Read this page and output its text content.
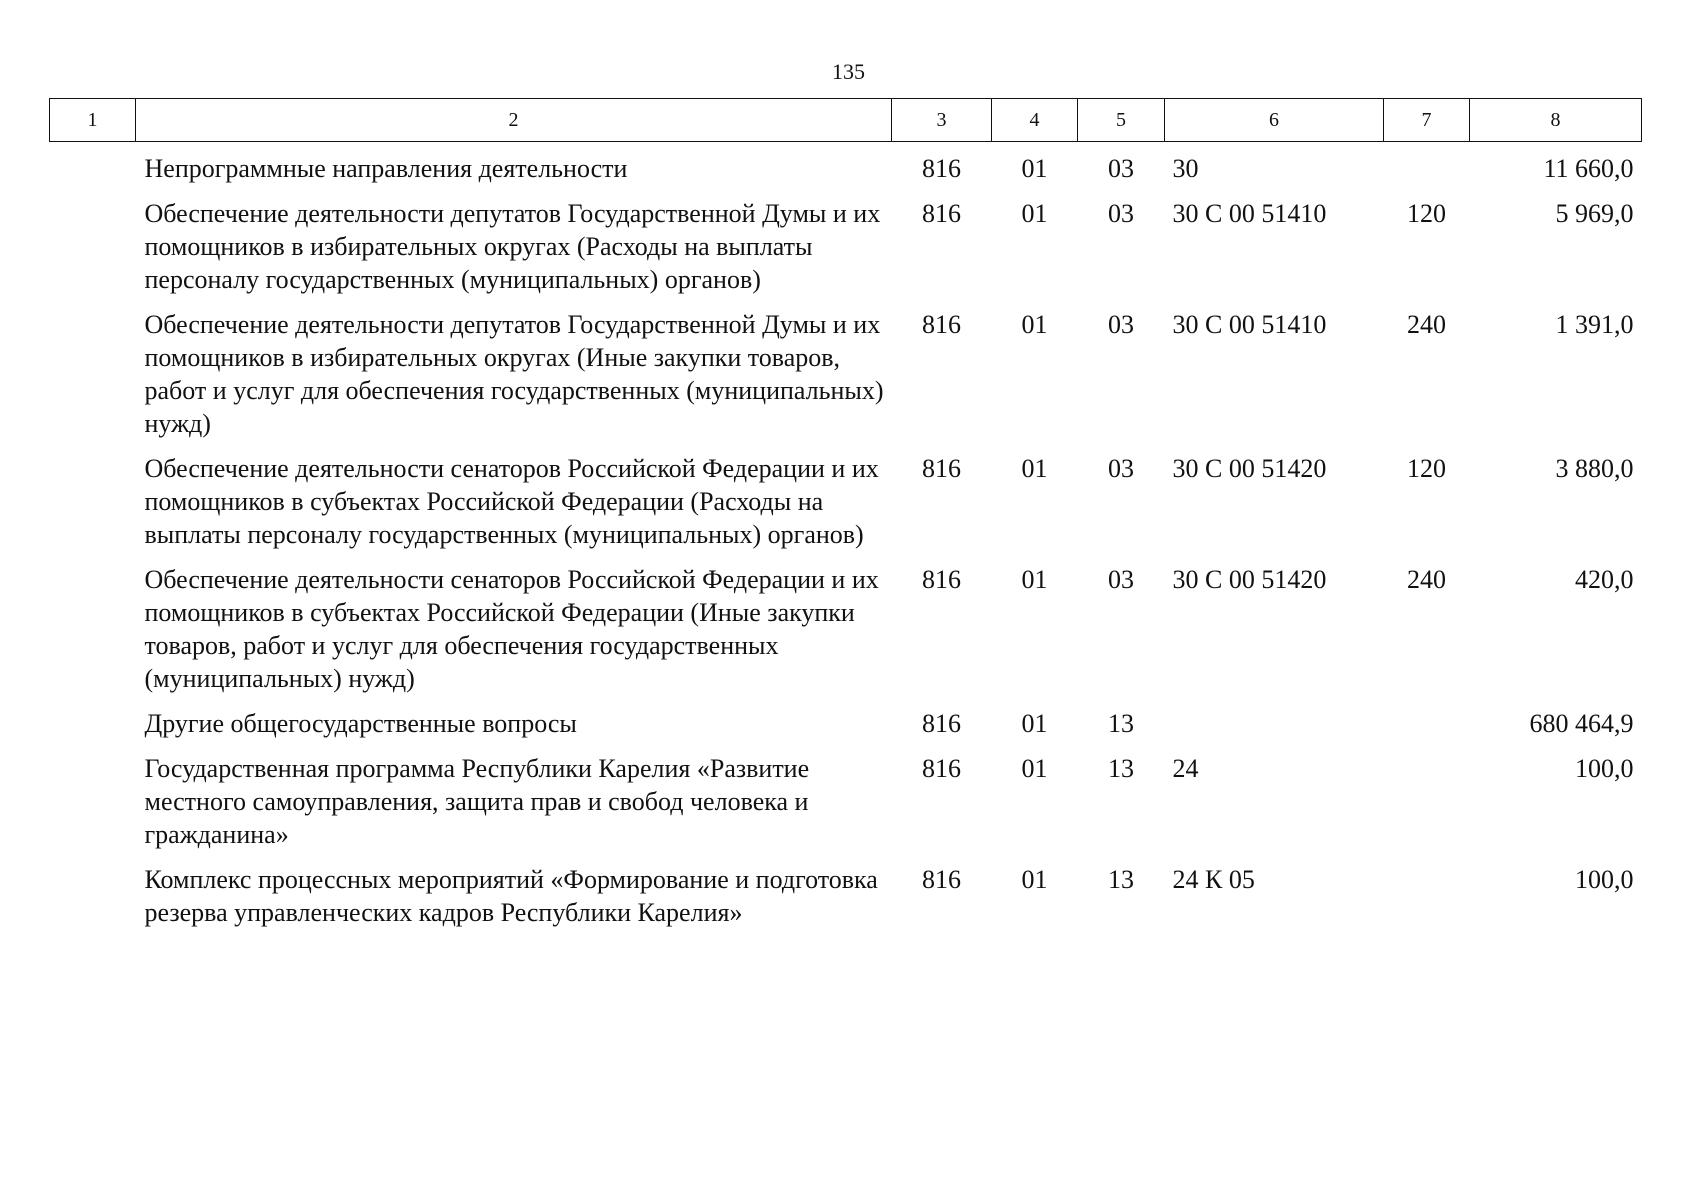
135
1	2	3	4	5	6	7	8
	Непрограммные направления деятельности	816	01	03	30		11 660,0
	Обеспечение деятельности депутатов Государственной Думы и их помощников в избирательных округах (Расходы на выплаты персоналу государственных (муниципальных) органов)	816	01	03	30 С 00 51410	120	5 969,0
	Обеспечение деятельности депутатов Государственной Думы и их помощников в избирательных округах (Иные закупки товаров, работ и услуг для обеспечения государственных (муниципальных) нужд)	816	01	03	30 С 00 51410	240	1 391,0
	Обеспечение деятельности сенаторов Российской Федерации и их помощников в субъектах Российской Федерации (Расходы на выплаты персоналу государственных (муниципальных) органов)	816	01	03	30 С 00 51420	120	3 880,0
	Обеспечение деятельности сенаторов Российской Федерации и их помощников в субъектах Российской Федерации (Иные закупки товаров, работ и услуг для обеспечения государственных (муниципальных) нужд)	816	01	03	30 С 00 51420	240	420,0
	Другие общегосударственные вопросы	816	01	13			680 464,9
	Государственная программа Республики Карелия «Развитие местного самоуправления, защита прав и свобод человека и гражданина»	816	01	13	24		100,0
	Комплекс процессных мероприятий «Формирование и подготовка резерва управленческих кадров Республики Карелия»	816	01	13	24 К 05		100,0
